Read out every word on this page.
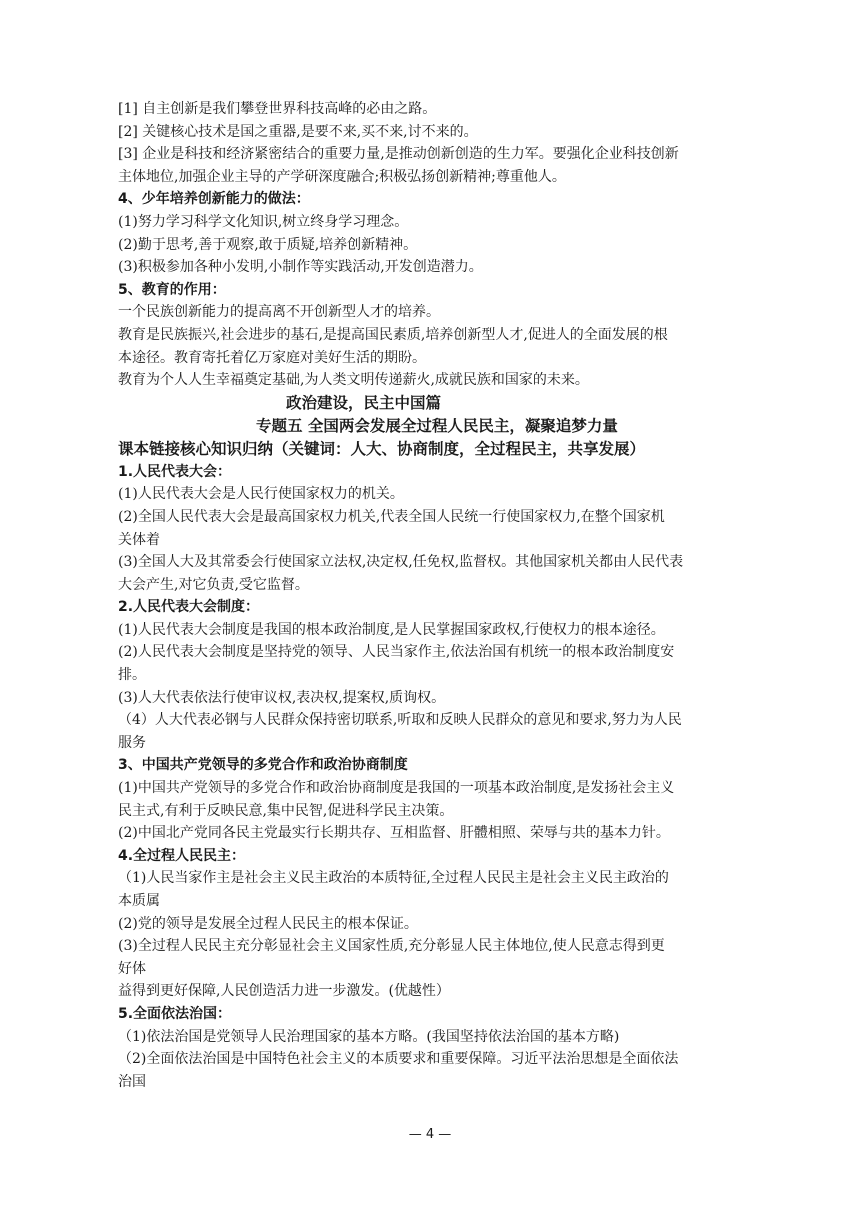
[1] 自主创新是我们攀登世界科技高峰的必由之路。
[2] 关键核心技术是国之重器,是要不来,买不来,讨不来的。
[3] 企业是科技和经济紧密结合的重要力量,是推动创新创造的生力军。要强化企业科技创新
主体地位,加强企业主导的产学研深度融合;积极弘扬创新精神;尊重他人。
4、少年培养创新能力的做法：
(1)努力学习科学文化知识,树立终身学习理念。
(2)勤于思考,善于观察,敢于质疑,培养创新精神。
(3)积极参加各种小发明,小制作等实践活动,开发创造潜力。
5、教育的作用：
一个民族创新能力的提高离不开创新型人才的培养。
教育是民族振兴,社会进步的基石,是提高国民素质,培养创新型人才,促进人的全面发展的根
本途径。教育寄托着亿万家庭对美好生活的期盼。
教育为个人人生幸福奠定基础,为人类文明传递薪火,成就民族和国家的未来。
政治建设，民主中国篇
专题五 全国两会发展全过程人民民主，凝聚追梦力量
课本链接核心知识归纳（关键词：人大、协商制度，全过程民主，共享发展）
1.人民代表大会：
(1)人民代表大会是人民行使国家权力的机关。
(2)全国人民代表大会是最高国家权力机关,代表全国人民统一行使国家权力,在整个国家机
关体着
(3)全国人大及其常委会行使国家立法权,决定权,任免权,监督权。其他国家机关都由人民代表
大会产生,对它负责,受它监督。
2.人民代表大会制度：
(1)人民代表大会制度是我国的根本政治制度,是人民掌握国家政权,行使权力的根本途径。
(2)人民代表大会制度是坚持党的领导、人民当家作主,依法治国有机统一的根本政治制度安
排。
(3)人大代表依法行使审议权,表决权,提案权,质询权。
（4）人大代表必钢与人民群众保持密切联系,听取和反映人民群众的意见和要求,努力为人民
服务
3、中国共产党领导的多党合作和政治协商制度
(1)中国共产党领导的多党合作和政治协商制度是我国的一项基本政治制度,是发扬社会主义
民主式,有利于反映民意,集中民智,促进科学民主决策。
(2)中国北产党同各民主党最实行长期共存、互相监督、肝體相照、荣辱与共的基本力针。
4.全过程人民民主：
（1)人民当家作主是社会主义民主政治的本质特征,全过程人民民主是社会主义民主政治的
本质属
(2)党的领导是发展全过程人民民主的根本保证。
(3)全过程人民民主充分彰显社会主义国家性质,充分彰显人民主体地位,使人民意志得到更
好体
益得到更好保障,人民创造活力进一步激发。(优越性）
5.全面依法治国：
（1)依法治国是党领导人民治理国家的基本方略。(我国坚持依法治国的基本方略)
（2)全面依法治国是中国特色社会主义的本质要求和重要保障。习近平法治思想是全面依法
治国
— 4 —
